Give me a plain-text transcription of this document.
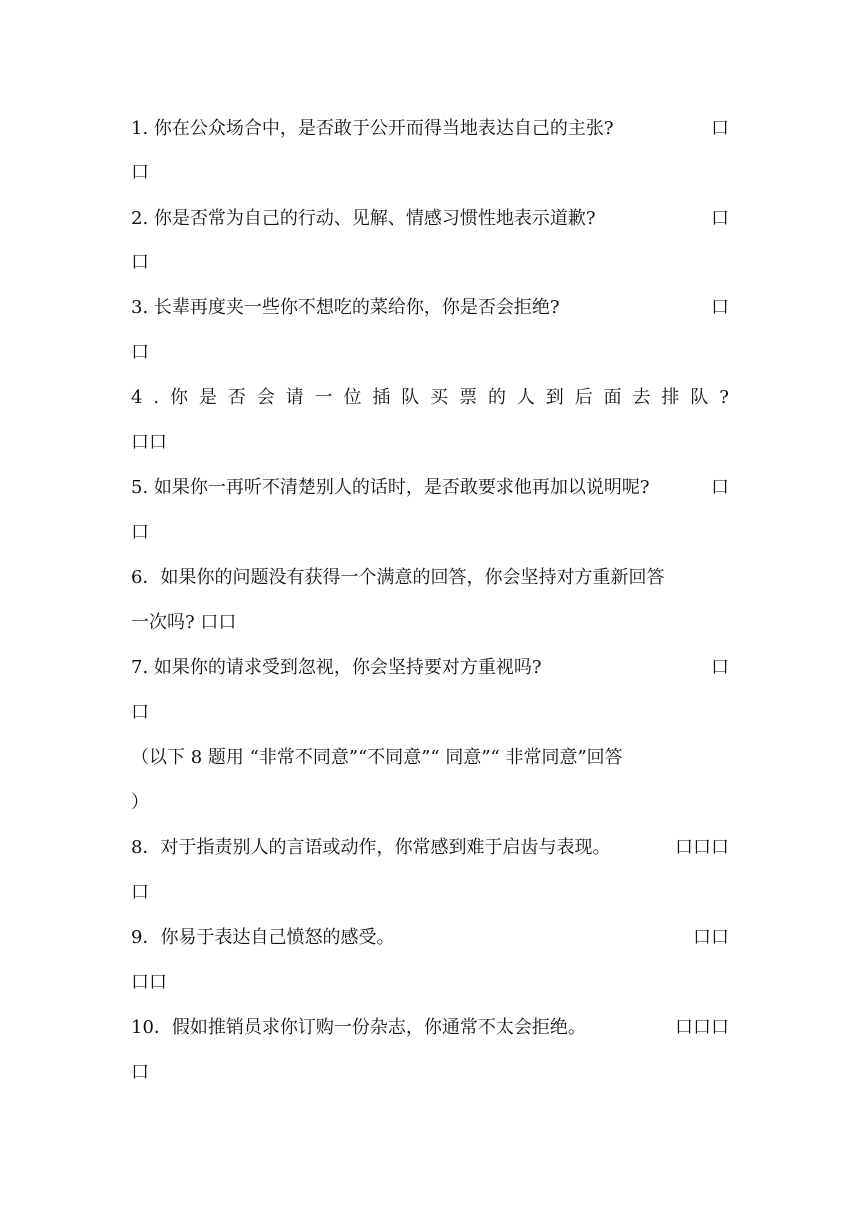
1. 你在公众场合中，是否敢于公开而得当地表达自己的主张?	口
口
2. 你是否常为自己的行动、见解、情感习惯性地表示道歉?	口
口
3. 长辈再度夹一些你不想吃的菜给你，你是否会拒绝?	口
口
4 . 你 是 否 会 请 一 位 插 队 买 票 的 人 到 后 面 去 排 队 ?
口口
5. 如果你一再听不清楚别人的话时，是否敢要求他再加以说明呢?	口
口
6．如果你的问题没有获得一个满意的回答，你会坚持对方重新回答
一次吗? 口口
7. 如果你的请求受到忽视，你会坚持要对方重视吗?	口
口
（以下 8 题用 “非常不同意”“不同意”“ 同意”“ 非常同意”回答
）
8．对于指责别人的言语或动作，你常感到难于启齿与表现。	口口口
口
9．你易于表达自己愤怒的感受。	口口
口口
10．假如推销员求你订购一份杂志，你通常不太会拒绝。	口口口
口
